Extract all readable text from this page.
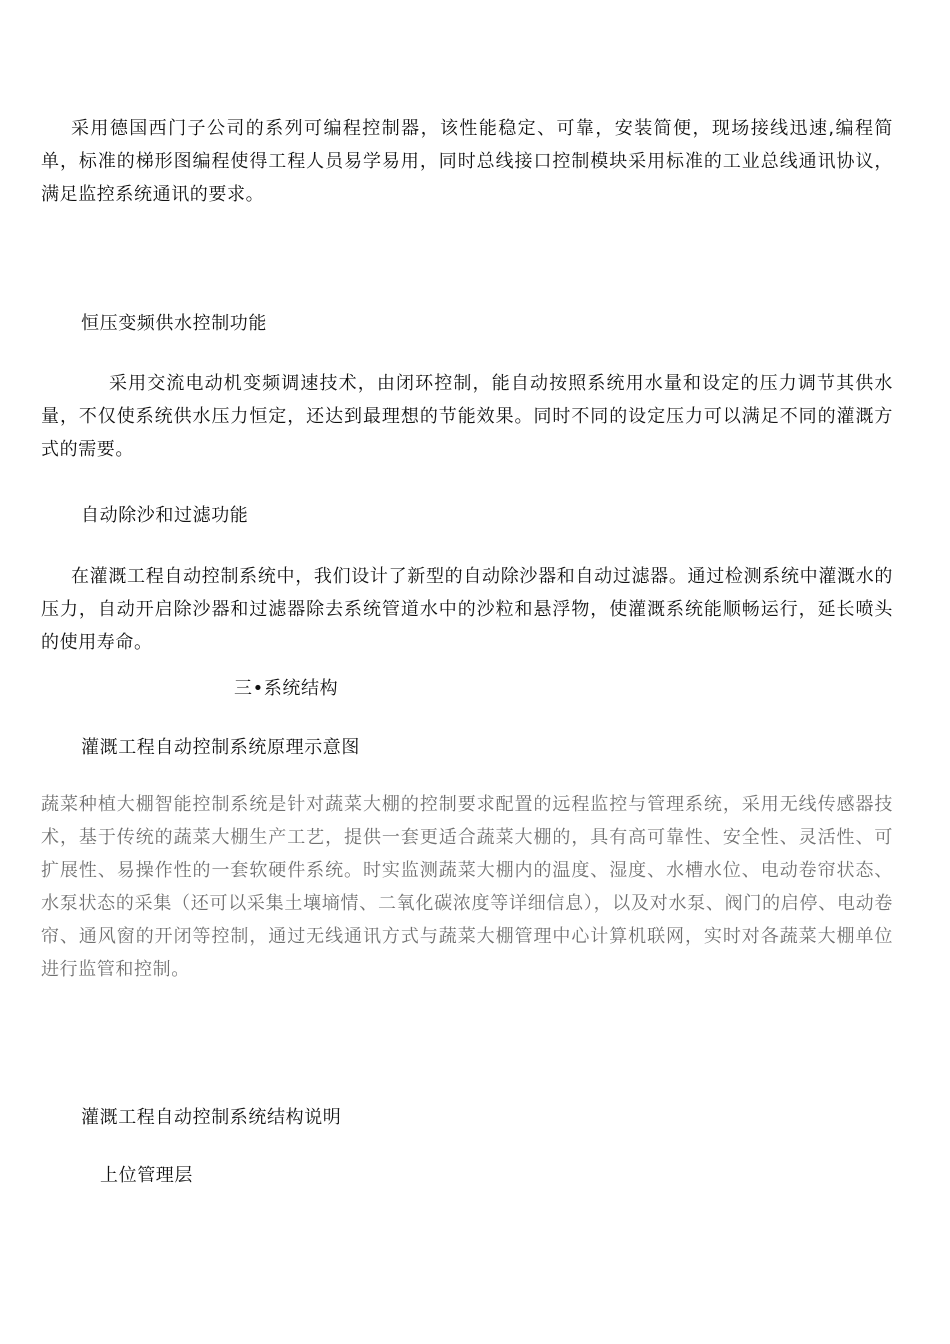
采用德国西门子公司的系列可编程控制器，该性能稳定、可靠，安装简便，现场接线迅速,编程简单，标准的梯形图编程使得工程人员易学易用，同时总线接口控制模块采用标准的工业总线通讯协议，满足监控系统通讯的要求。

恒压变频供水控制功能

采用交流电动机变频调速技术，由闭环控制，能自动按照系统用水量和设定的压力调节其供水量，不仅使系统供水压力恒定，还达到最理想的节能效果。同时不同的设定压力可以满足不同的灌溉方式的需要。

自动除沙和过滤功能

在灌溉工程自动控制系统中，我们设计了新型的自动除沙器和自动过滤器。通过检测系统中灌溉水的压力，自动开启除沙器和过滤器除去系统管道水中的沙粒和悬浮物，使灌溉系统能顺畅运行，延长喷头的使用寿命。

三•系统结构

灌溉工程自动控制系统原理示意图

蔬菜种植大棚智能控制系统是针对蔬菜大棚的控制要求配置的远程监控与管理系统，采用无线传感器技术，基于传统的蔬菜大棚生产工艺，提供一套更适合蔬菜大棚的，具有高可靠性、安全性、灵活性、可扩展性、易操作性的一套软硬件系统。时实监测蔬菜大棚内的温度、湿度、水槽水位、电动卷帘状态、水泵状态的采集（还可以采集土壤墒情、二氧化碳浓度等详细信息），以及对水泵、阀门的启停、电动卷帘、通风窗的开闭等控制，通过无线通讯方式与蔬菜大棚管理中心计算机联网，实时对各蔬菜大棚单位进行监管和控制。

灌溉工程自动控制系统结构说明

上位管理层
